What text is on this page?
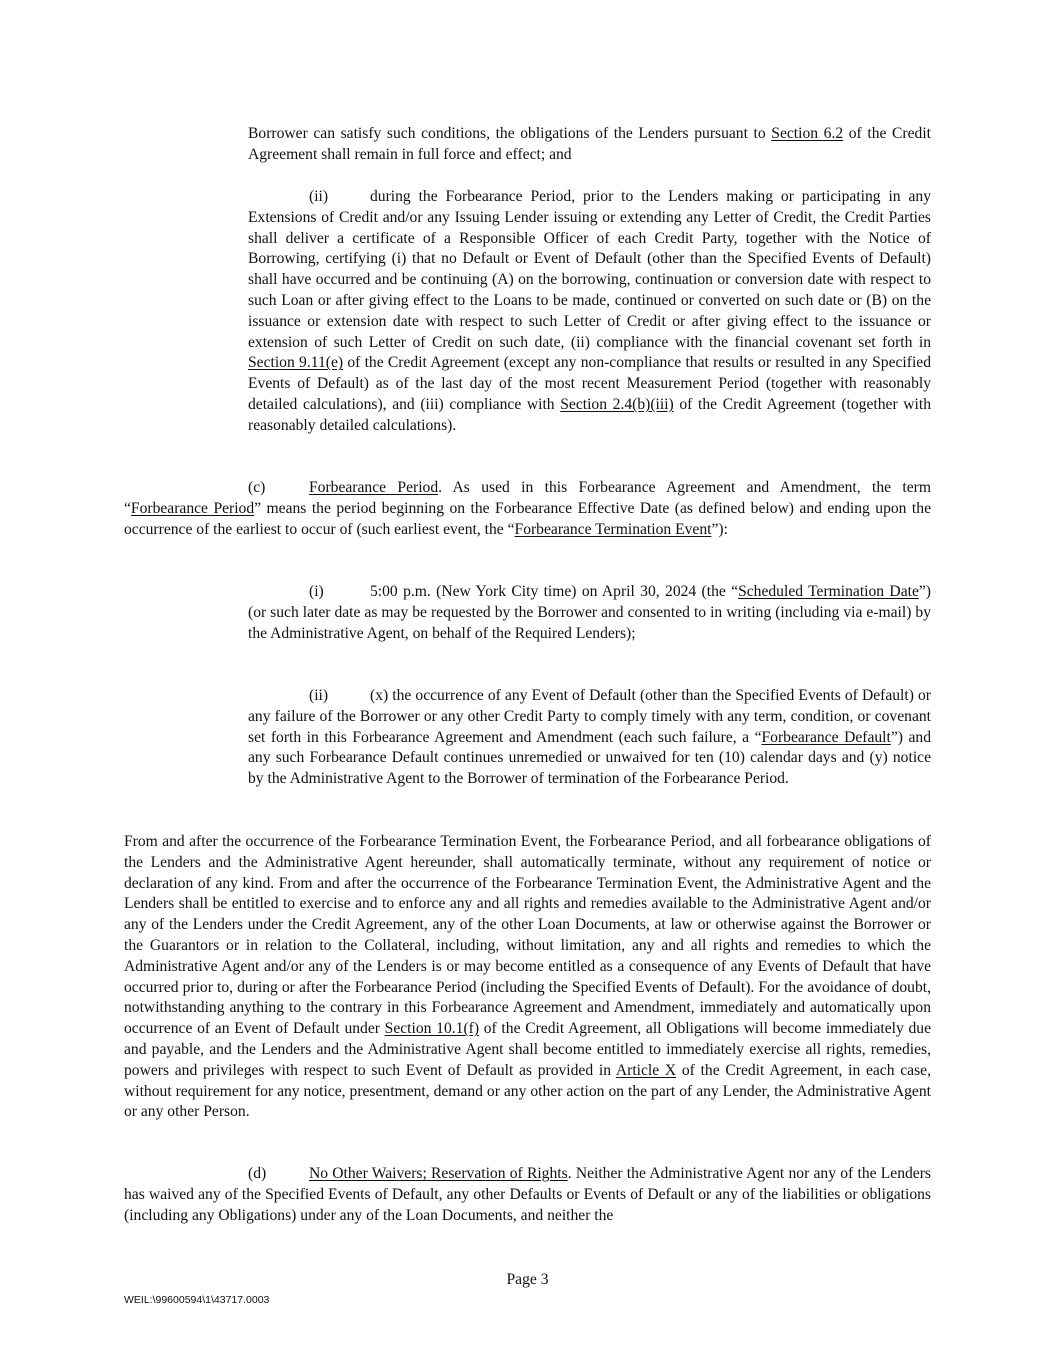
Borrower can satisfy such conditions, the obligations of the Lenders pursuant to Section 6.2 of the Credit Agreement shall remain in full force and effect; and

(ii)	during the Forbearance Period, prior to the Lenders making or participating in any Extensions of Credit and/or any Issuing Lender issuing or extending any Letter of Credit, the Credit Parties shall deliver a certificate of a Responsible Officer of each Credit Party, together with the Notice of Borrowing, certifying (i) that no Default or Event of Default (other than the Specified Events of Default) shall have occurred and be continuing (A) on the borrowing, continuation or conversion date with respect to such Loan or after giving effect to the Loans to be made, continued or converted on such date or (B) on the issuance or extension date with respect to such Letter of Credit or after giving effect to the issuance or extension of such Letter of Credit on such date, (ii) compliance with the financial covenant set forth in Section 9.11(e) of the Credit Agreement (except any non-compliance that results or resulted in any Specified Events of Default) as of the last day of the most recent Measurement Period (together with reasonably detailed calculations), and (iii) compliance with Section 2.4(b)(iii) of the Credit Agreement (together with reasonably detailed calculations).

(c)	Forbearance Period. As used in this Forbearance Agreement and Amendment, the term “Forbearance Period” means the period beginning on the Forbearance Effective Date (as defined below) and ending upon the occurrence of the earliest to occur of (such earliest event, the “Forbearance Termination Event”):

(i)	5:00 p.m. (New York City time) on April 30, 2024 (the “Scheduled Termination Date”) (or such later date as may be requested by the Borrower and consented to in writing (including via e-mail) by the Administrative Agent, on behalf of the Required Lenders);

(ii)	(x) the occurrence of any Event of Default (other than the Specified Events of Default) or any failure of the Borrower or any other Credit Party to comply timely with any term, condition, or covenant set forth in this Forbearance Agreement and Amendment (each such failure, a “Forbearance Default”) and any such Forbearance Default continues unremedied or unwaived for ten (10) calendar days and (y) notice by the Administrative Agent to the Borrower of termination of the Forbearance Period.

From and after the occurrence of the Forbearance Termination Event, the Forbearance Period, and all forbearance obligations of the Lenders and the Administrative Agent hereunder, shall automatically terminate, without any requirement of notice or declaration of any kind. From and after the occurrence of the Forbearance Termination Event, the Administrative Agent and the Lenders shall be entitled to exercise and to enforce any and all rights and remedies available to the Administrative Agent and/or any of the Lenders under the Credit Agreement, any of the other Loan Documents, at law or otherwise against the Borrower or the Guarantors or in relation to the Collateral, including, without limitation, any and all rights and remedies to which the Administrative Agent and/or any of the Lenders is or may become entitled as a consequence of any Events of Default that have occurred prior to, during or after the Forbearance Period (including the Specified Events of Default). For the avoidance of doubt, notwithstanding anything to the contrary in this Forbearance Agreement and Amendment, immediately and automatically upon occurrence of an Event of Default under Section 10.1(f) of the Credit Agreement, all Obligations will become immediately due and payable, and the Lenders and the Administrative Agent shall become entitled to immediately exercise all rights, remedies, powers and privileges with respect to such Event of Default as provided in Article X of the Credit Agreement, in each case, without requirement for any notice, presentment, demand or any other action on the part of any Lender, the Administrative Agent or any other Person.

(d)	No Other Waivers; Reservation of Rights. Neither the Administrative Agent nor any of the Lenders has waived any of the Specified Events of Default, any other Defaults or Events of Default or any of the liabilities or obligations (including any Obligations) under any of the Loan Documents, and neither the

Page 3
WEIL:\99600594\1\43717.0003
